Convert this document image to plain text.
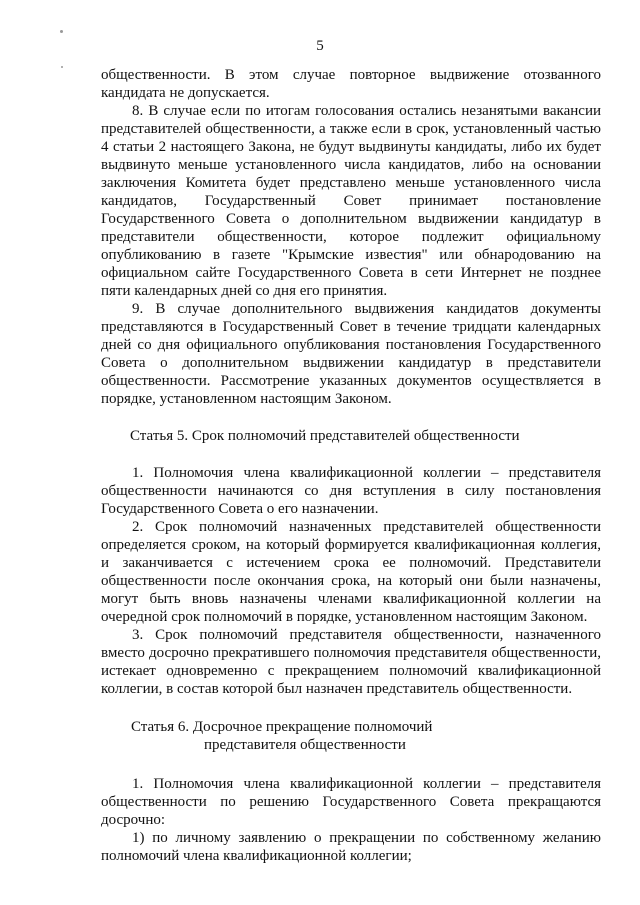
5

общественности. В этом случае повторное выдвижение отозванного кандидата не допускается.

8. В случае если по итогам голосования остались незанятыми вакансии представителей общественности, а также если в срок, установленный частью 4 статьи 2 настоящего Закона, не будут выдвинуты кандидаты, либо их будет выдвинуто меньше установленного числа кандидатов, либо на основании заключения Комитета будет представлено меньше установленного числа кандидатов, Государственный Совет принимает постановление Государственного Совета о дополнительном выдвижении кандидатур в представители общественности, которое подлежит официальному опубликованию в газете "Крымские известия" или обнародованию на официальном сайте Государственного Совета в сети Интернет не позднее пяти календарных дней со дня его принятия.

9. В случае дополнительного выдвижения кандидатов документы представляются в Государственный Совет в течение тридцати календарных дней со дня официального опубликования постановления Государственного Совета о дополнительном выдвижении кандидатур в представители общественности. Рассмотрение указанных документов осуществляется в порядке, установленном настоящим Законом.

Статья 5. Срок полномочий представителей общественности

1. Полномочия члена квалификационной коллегии – представителя общественности начинаются со дня вступления в силу постановления Государственного Совета о его назначении.

2. Срок полномочий назначенных представителей общественности определяется сроком, на который формируется квалификационная коллегия, и заканчивается с истечением срока ее полномочий. Представители общественности после окончания срока, на который они были назначены, могут быть вновь назначены членами квалификационной коллегии на очередной срок полномочий в порядке, установленном настоящим Законом.

3. Срок полномочий представителя общественности, назначенного вместо досрочно прекратившего полномочия представителя общественности, истекает одновременно с прекращением полномочий квалификационной коллегии, в состав которой был назначен представитель общественности.

Статья 6. Досрочное прекращение полномочий
представителя общественности

1. Полномочия члена квалификационной коллегии – представителя общественности по решению Государственного Совета прекращаются досрочно:

1) по личному заявлению о прекращении по собственному желанию полномочий члена квалификационной коллегии;
